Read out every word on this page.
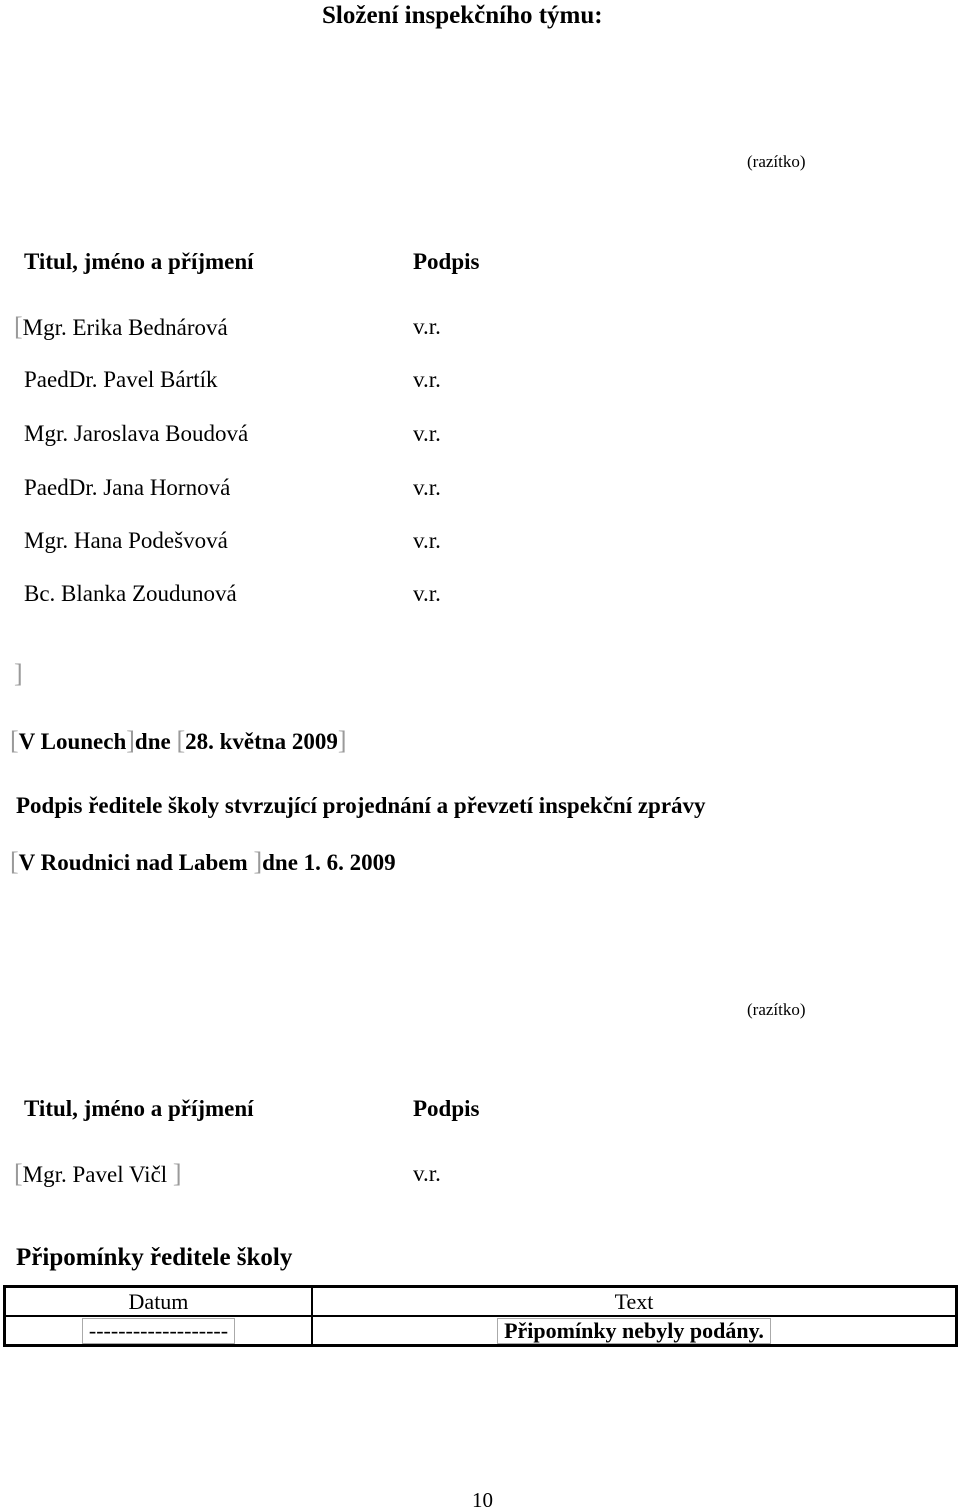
Složení inspekčního týmu:
(razítko)
Titul, jméno a příjmení	Podpis
[Mgr. Erika Bednárová	v.r.
PaedDr. Pavel Bártík	v.r.
Mgr. Jaroslava Boudová	v.r.
PaedDr. Jana Hornová	v.r.
Mgr. Hana Podešvová	v.r.
Bc. Blanka Zoudunová	v.r.
]
[V Lounech]dne [28. května 2009]
Podpis ředitele školy stvrzující projednání a převzetí inspekční zprávy
[V Roudnici nad Labem ]dne 1. 6. 2009
(razítko)
Titul, jméno a příjmení	Podpis
[Mgr. Pavel Vičl ]	v.r.
Připomínky ředitele školy
Datum	Text
-------------------	Připomínky nebyly podány.
10
